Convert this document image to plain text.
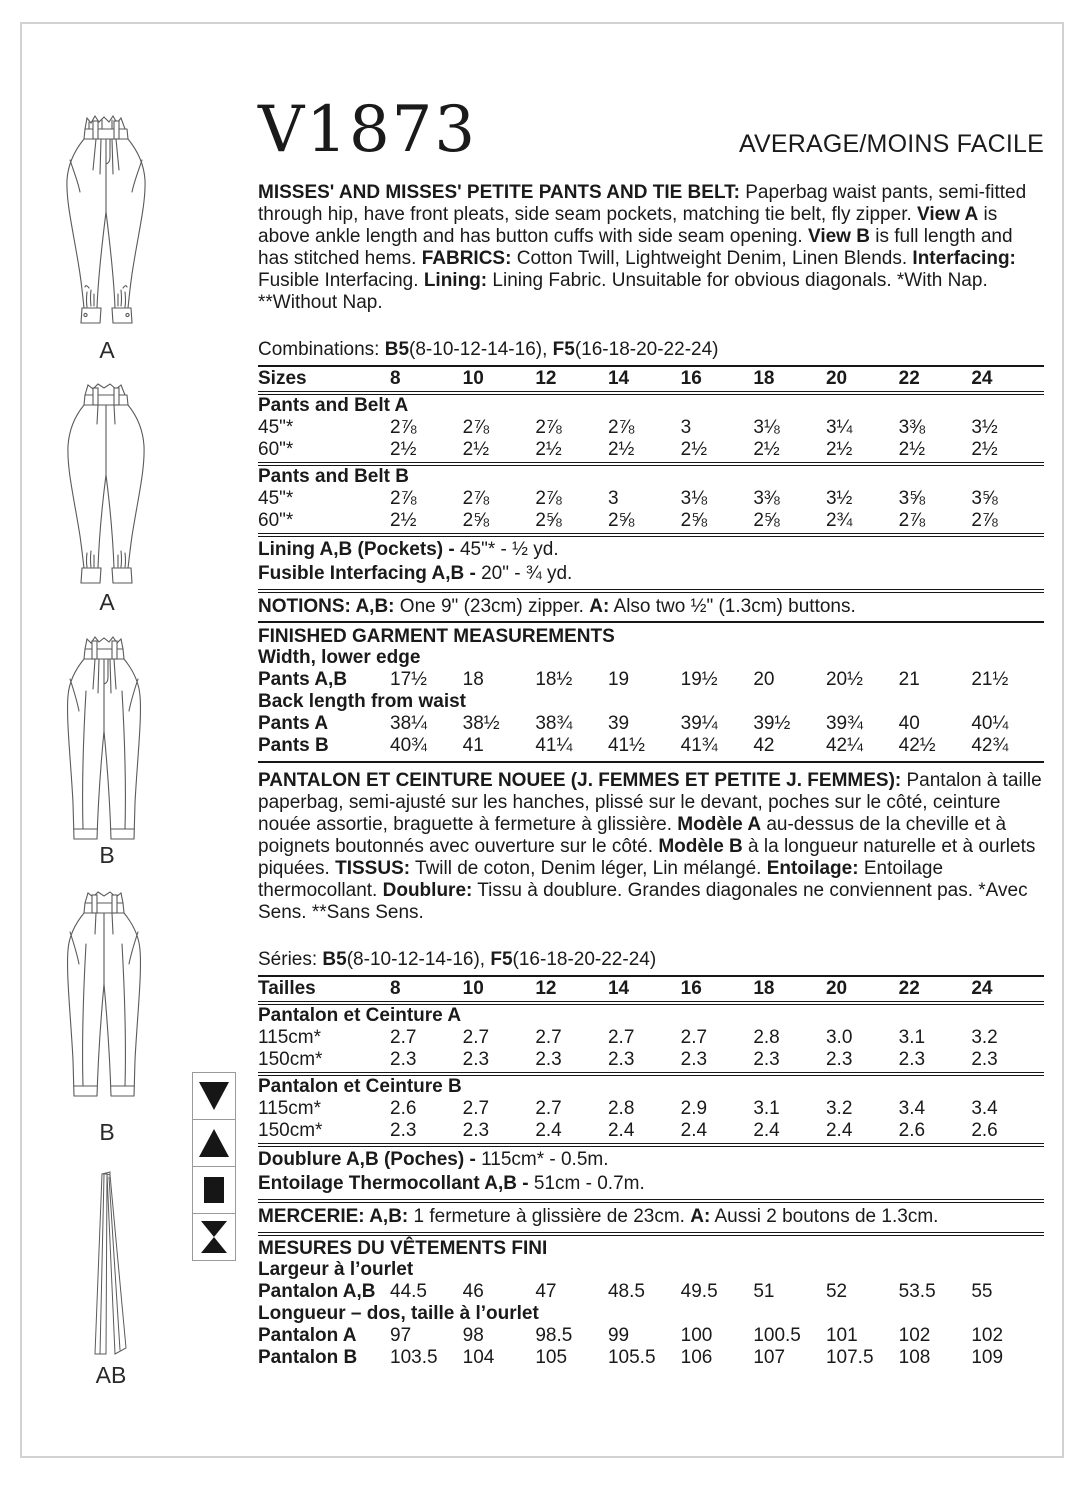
A
A
B
B
AB
V1873	AVERAGE/MOINS FACILE

MISSES' AND MISSES' PETITE PANTS AND TIE BELT: Paperbag waist pants, semi-fitted through hip, have front pleats, side seam pockets, matching tie belt, fly zipper. View A is above ankle length and has button cuffs with side seam opening. View B is full length and has stitched hems. FABRICS: Cotton Twill, Lightweight Denim, Linen Blends. Interfacing: Fusible Interfacing. Lining: Lining Fabric. Unsuitable for obvious diagonals. *With Nap. **Without Nap.

Combinations: B5(8-10-12-14-16), F5(16-18-20-22-24)

Sizes	8	10	12	14	16	18	20	22	24
Pants and Belt A
45"*	2⅞	2⅞	2⅞	2⅞	3	3⅛	3¼	3⅜	3½
60"*	2½	2½	2½	2½	2½	2½	2½	2½	2½
Pants and Belt B
45"*	2⅞	2⅞	2⅞	3	3⅛	3⅜	3½	3⅝	3⅝
60"*	2½	2⅝	2⅝	2⅝	2⅝	2⅝	2¾	2⅞	2⅞

Lining A,B (Pockets) - 45"* - ½ yd.

Fusible Interfacing A,B - 20" - ¾ yd.

NOTIONS: A,B: One 9" (23cm) zipper. A: Also two ½" (1.3cm) buttons.

FINISHED GARMENT MEASUREMENTS
Width, lower edge
Pants A,B	17½	18	18½	19	19½	20	20½	21	21½
Back length from waist
Pants A	38¼	38½	38¾	39	39¼	39½	39¾	40	40¼
Pants B	40¾	41	41¼	41½	41¾	42	42¼	42½	42¾

PANTALON ET CEINTURE NOUEE (J. FEMMES ET PETITE J. FEMMES): Pantalon à taille paperbag, semi-ajusté sur les hanches, plissé sur le devant, poches sur le côté, ceinture nouée assortie, braguette à fermeture à glissière. Modèle A au-dessus de la cheville et à poignets boutonnés avec ouverture sur le côté. Modèle B à la longueur naturelle et à ourlets piquées. TISSUS: Twill de coton, Denim léger, Lin mélangé. Entoilage: Entoilage thermocollant. Doublure: Tissu à doublure. Grandes diagonales ne conviennent pas. *Avec Sens. **Sans Sens.

Séries: B5(8-10-12-14-16), F5(16-18-20-22-24)

Tailles	8	10	12	14	16	18	20	22	24
Pantalon et Ceinture A
115cm*	2.7	2.7	2.7	2.7	2.7	2.8	3.0	3.1	3.2
150cm*	2.3	2.3	2.3	2.3	2.3	2.3	2.3	2.3	2.3
Pantalon et Ceinture B
115cm*	2.6	2.7	2.7	2.8	2.9	3.1	3.2	3.4	3.4
150cm*	2.3	2.3	2.4	2.4	2.4	2.4	2.4	2.6	2.6

Doublure A,B (Poches) - 115cm* - 0.5m.

Entoilage Thermocollant A,B - 51cm - 0.7m.

MERCERIE: A,B: 1 fermeture à glissière de 23cm. A: Aussi 2 boutons de 1.3cm.

MESURES DU VÊTEMENTS FINI
Largeur à l’ourlet
Pantalon A,B 44.5	46	47	48.5	49.5	51	52	53.5	55
Longueur – dos, taille à l’ourlet
Pantalon A	97	98	98.5	99	100	100.5	101	102	102
Pantalon B	103.5	104	105	105.5	106	107	107.5	108	109
